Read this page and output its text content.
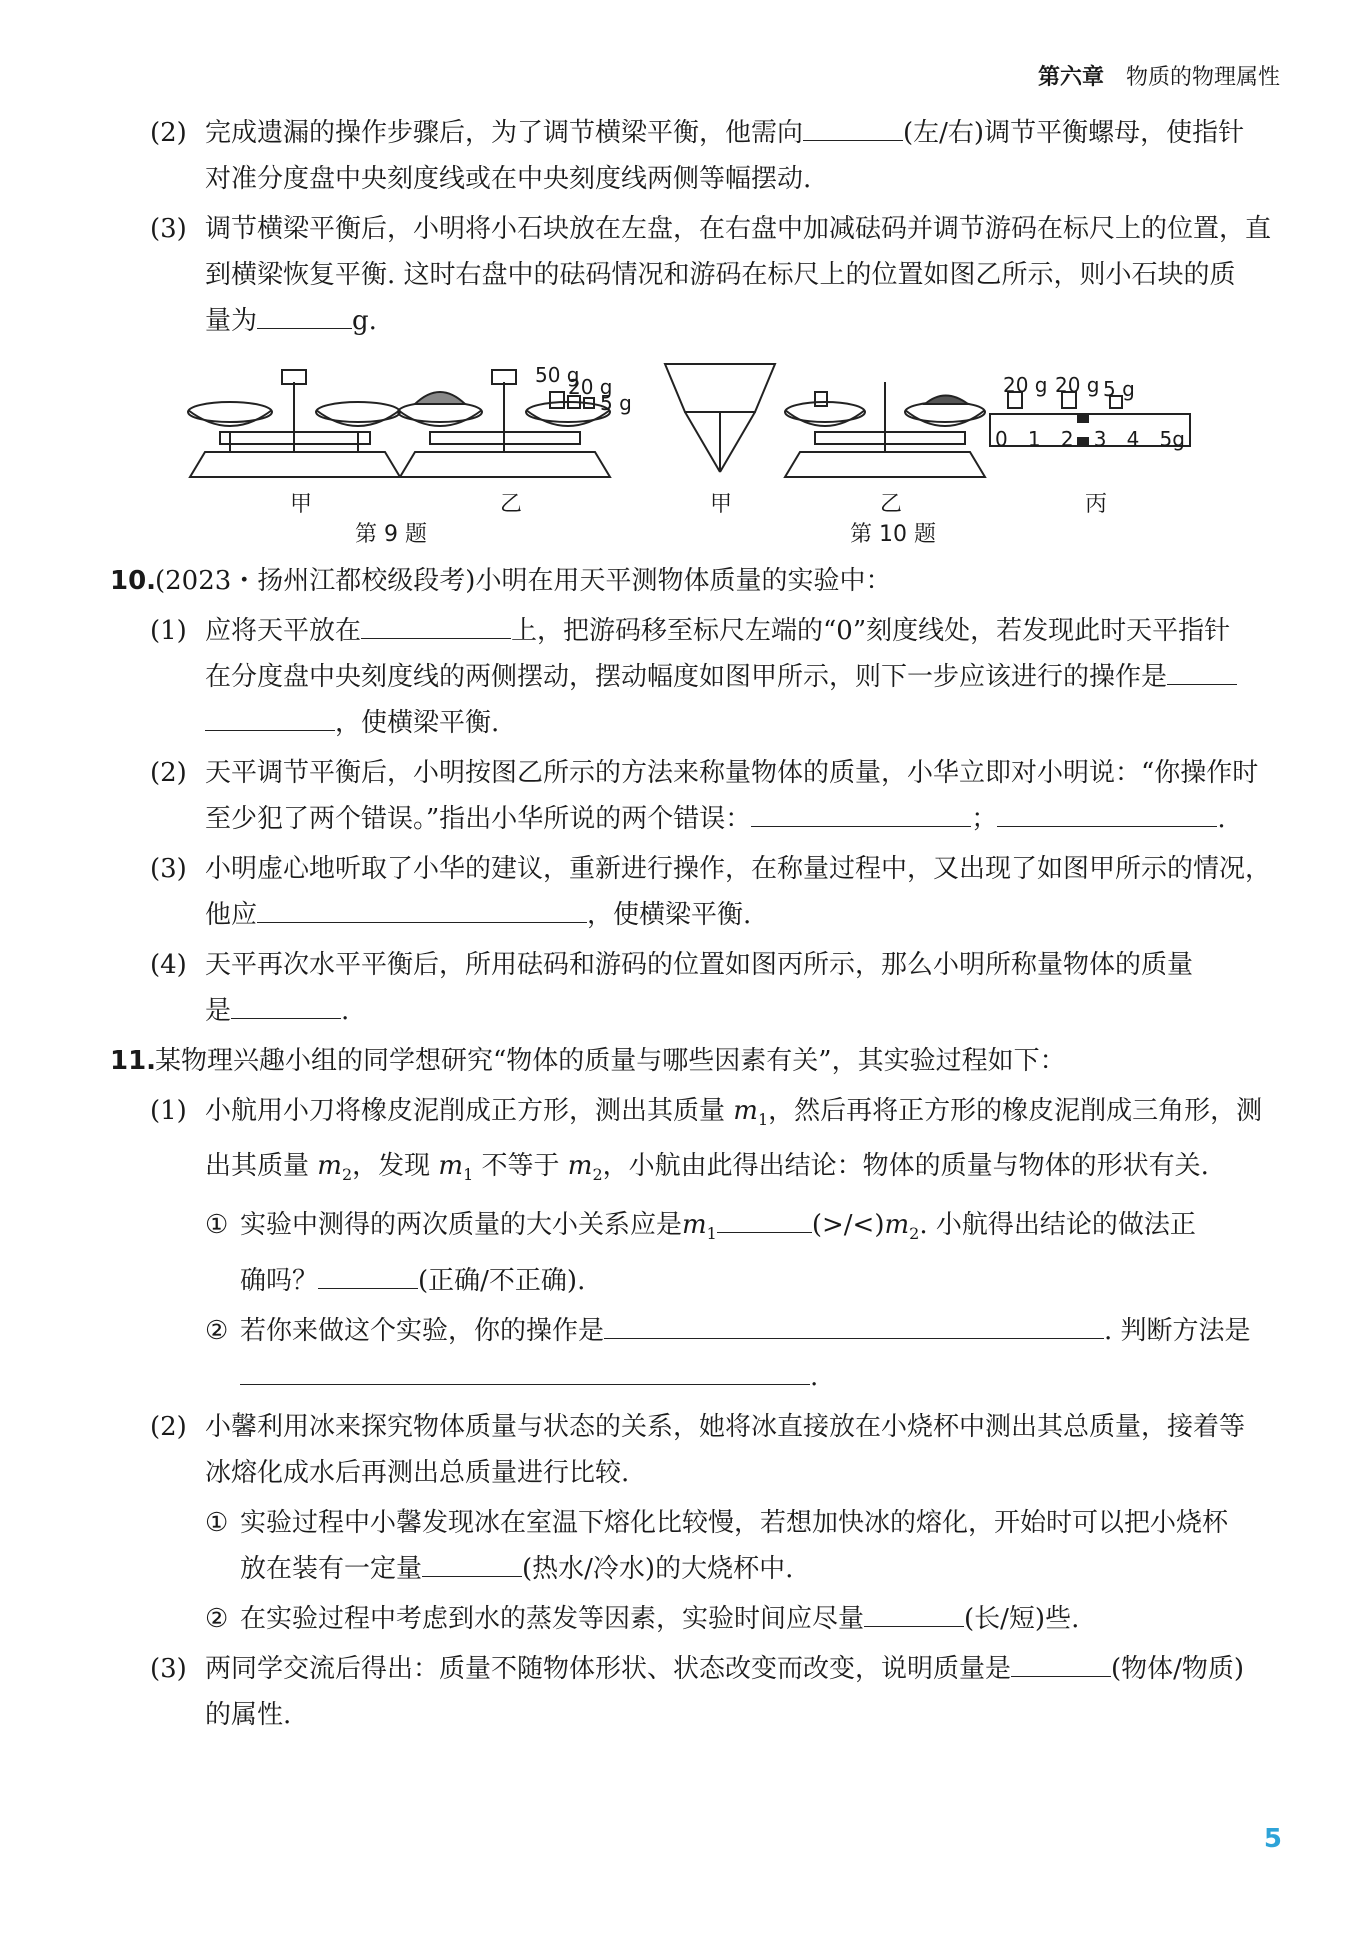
第六章 物质的物理属性
(2) 完成遗漏的操作步骤后，为了调节横梁平衡，他需向	(左/右)调节平衡螺母，使指针
对准分度盘中央刻度线或在中央刻度线两侧等幅摆动.
(3) 调节横梁平衡后，小明将小石块放在左盘，在右盘中加减砝码并调节游码在标尺上的位置，直
到横梁恢复平衡. 这时右盘中的砝码情况和游码在标尺上的位置如图乙所示，则小石块的质
量为	g.
50 g
20 g
5 g
20 g 20 g 5 g
0 1 2 3 4 5g
甲	乙
第 9 题
甲	乙	丙
第 10 题
10.
(2023・扬州江都校级段考)小明在用天平测物体质量的实验中：
(1) 应将天平放在	上，把游码移至标尺左端的“0”刻度线处，若发现此时天平指针
在分度盘中央刻度线的两侧摆动，摆动幅度如图甲所示，则下一步应该进行的操作是
，使横梁平衡.
(2) 天平调节平衡后，小明按图乙所示的方法来称量物体的质量，小华立即对小明说：“你操作时
至少犯了两个错误。”指出小华所说的两个错误：	；	.
(3) 小明虚心地听取了小华的建议，重新进行操作，在称量过程中，又出现了如图甲所示的情况，
他应	，使横梁平衡.
(4) 天平再次水平平衡后，所用砝码和游码的位置如图丙所示，那么小明所称量物体的质量
是	.
11.
某物理兴趣小组的同学想研究“物体的质量与哪些因素有关”，其实验过程如下：
(1) 小航用小刀将橡皮泥削成正方形，测出其质量 $m_1$，然后再将正方形的橡皮泥削成三角形，测
出其质量 $m_2$，发现 $m_1$ 不等于 $m_2$，小航由此得出结论：物体的质量与物体的形状有关.
① 实验中测得的两次质量的大小关系应是$m_1$	$(>/<)m_2$. 小航得出结论的做法正
确吗？	(正确/不正确).
② 若你来做这个实验，你的操作是	. 判断方法是
.
(2) 小馨利用冰来探究物体质量与状态的关系，她将冰直接放在小烧杯中测出其总质量，接着等
冰熔化成水后再测出总质量进行比较.
① 实验过程中小馨发现冰在室温下熔化比较慢，若想加快冰的熔化，开始时可以把小烧杯
放在装有一定量	(热水/冷水)的大烧杯中.
② 在实验过程中考虑到水的蒸发等因素，实验时间应尽量	(长/短)些.
(3) 两同学交流后得出：质量不随物体形状、状态改变而改变，说明质量是	(物体/物质)
的属性.
5
